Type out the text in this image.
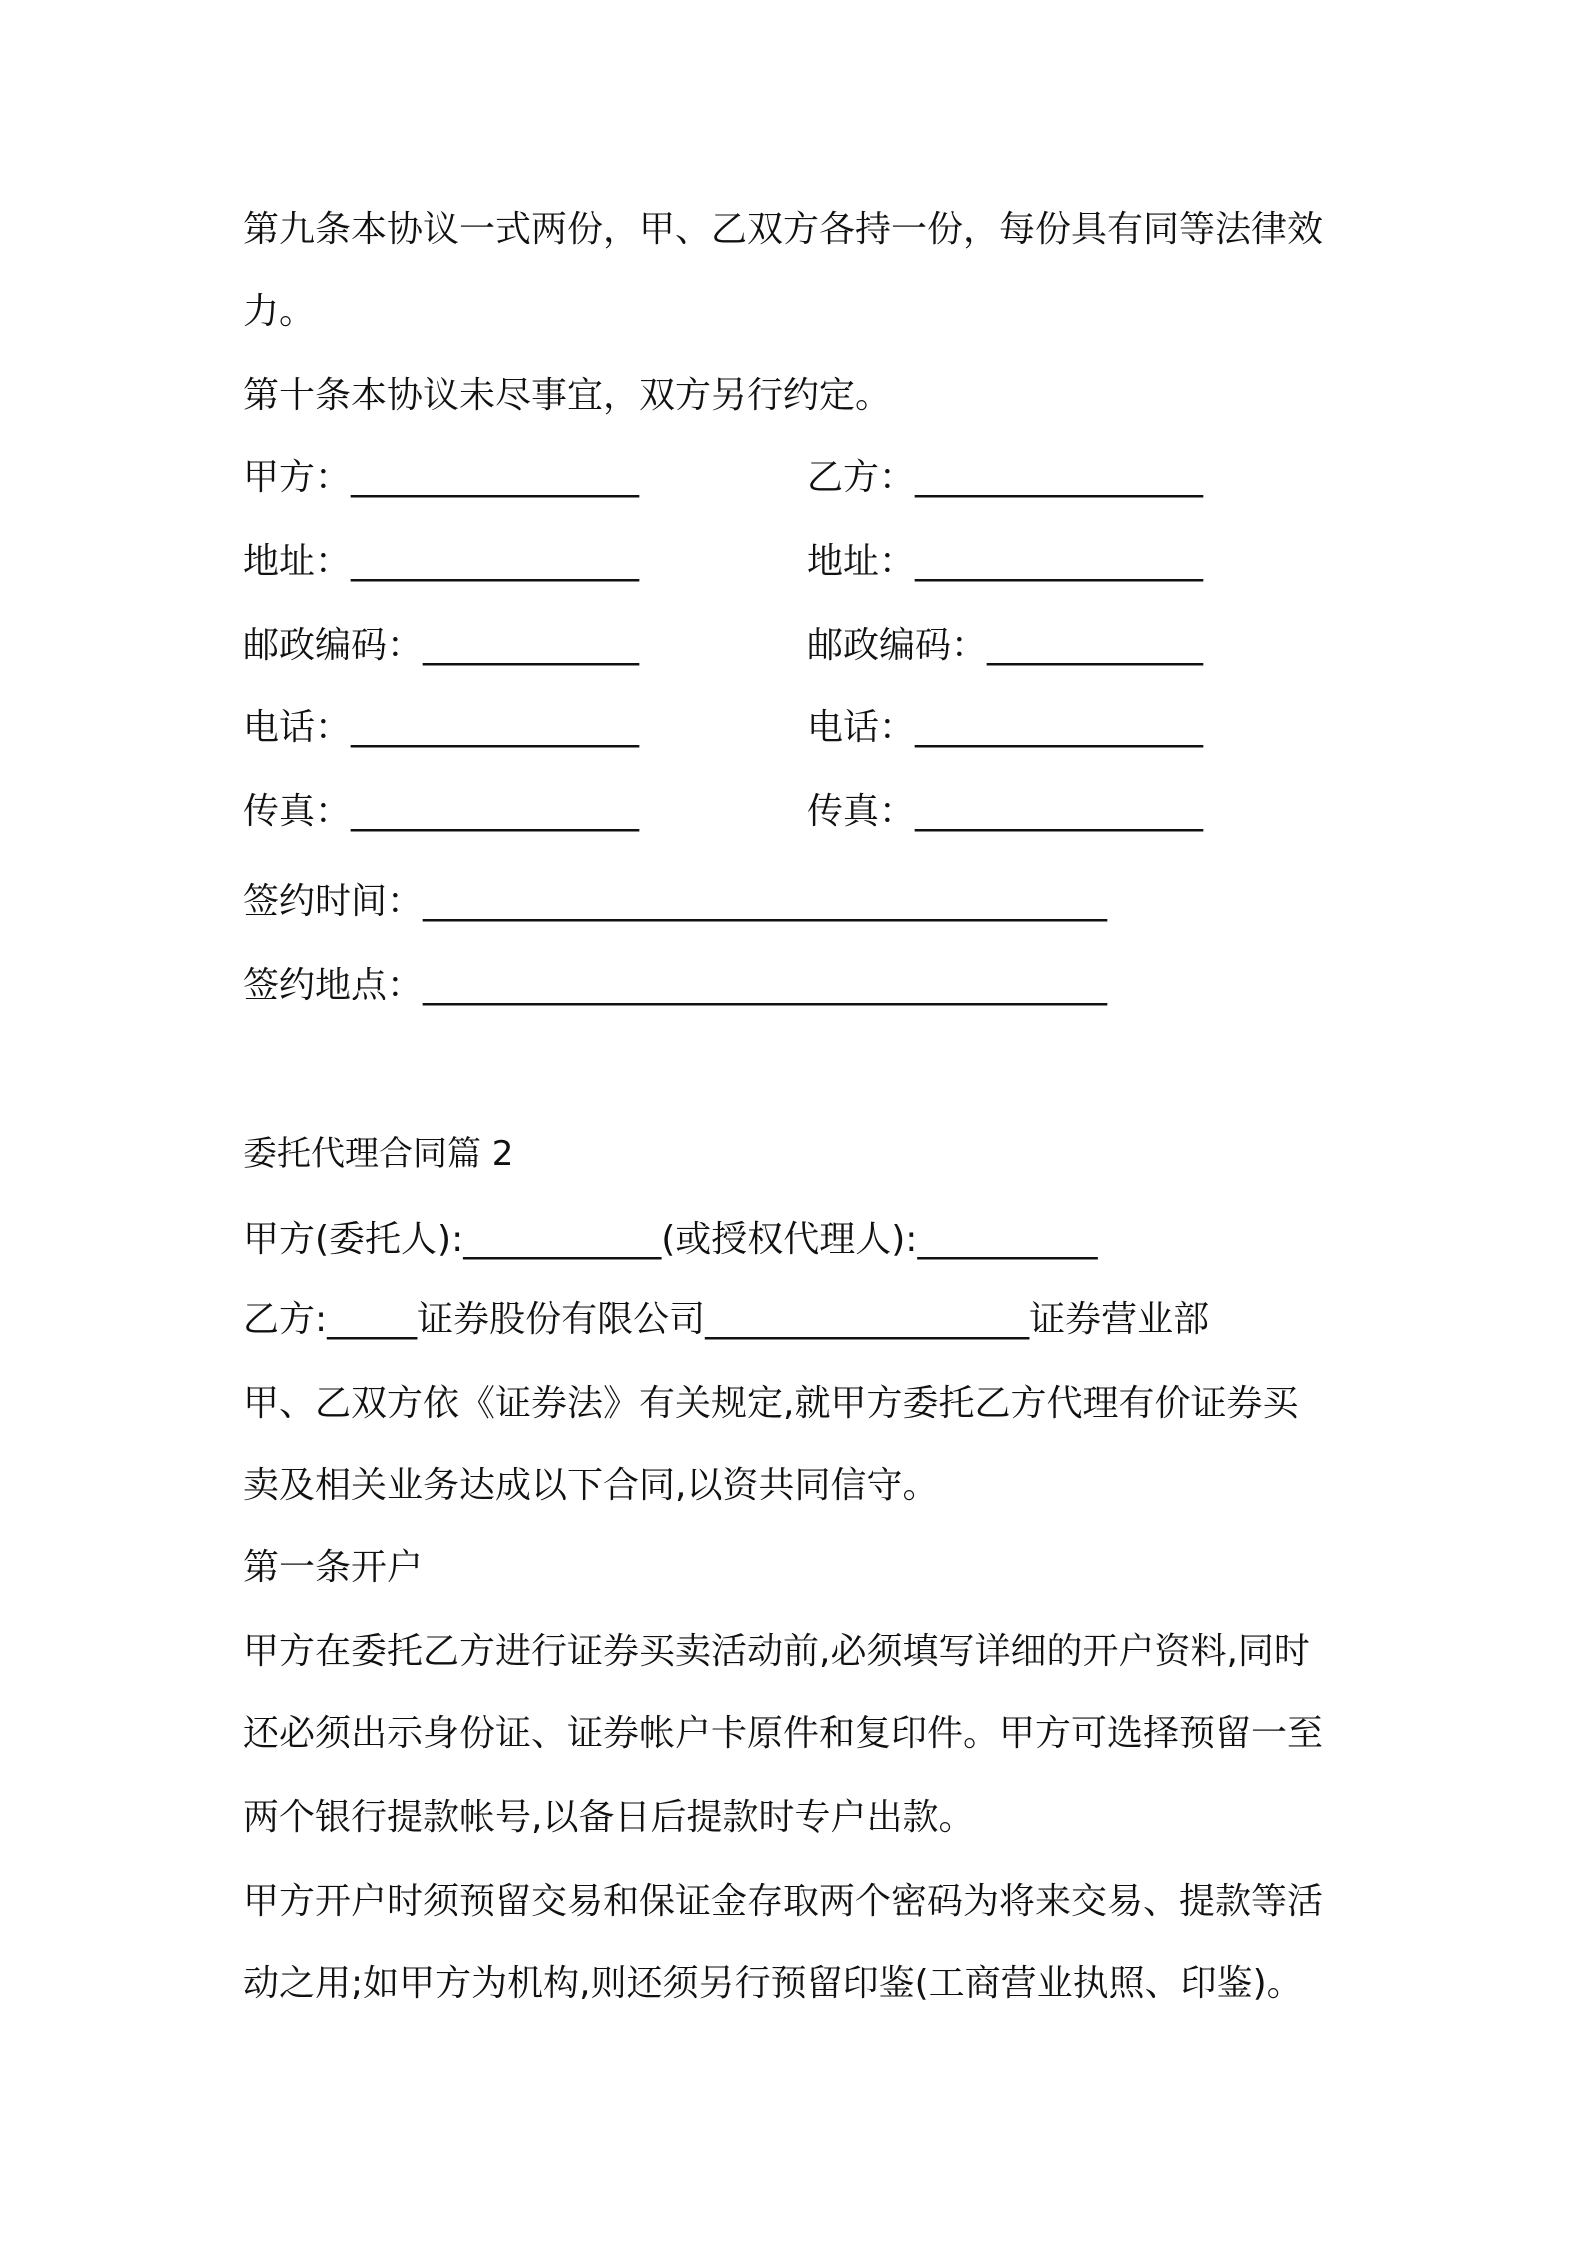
第九条本协议一式两份，甲、乙双方各持一份，每份具有同等法律效
力。
第十条本协议未尽事宜，双方另行约定。
甲方：________________	乙方：________________
地址：________________	地址：________________
邮政编码：____________	邮政编码：____________
电话：________________	电话：________________
传真：________________	传真：________________
签约时间：______________________________________
签约地点：______________________________________
委托代理合同篇 2
甲方(委托人):___________(或授权代理人):__________
乙方:_____证券股份有限公司__________________证券营业部
甲、乙双方依《证券法》有关规定,就甲方委托乙方代理有价证券买
卖及相关业务达成以下合同,以资共同信守。
第一条开户
甲方在委托乙方进行证券买卖活动前,必须填写详细的开户资料,同时
还必须出示身份证、证券帐户卡原件和复印件。甲方可选择预留一至
两个银行提款帐号,以备日后提款时专户出款。
甲方开户时须预留交易和保证金存取两个密码为将来交易、提款等活
动之用;如甲方为机构,则还须另行预留印鉴(工商营业执照、印鉴)。
